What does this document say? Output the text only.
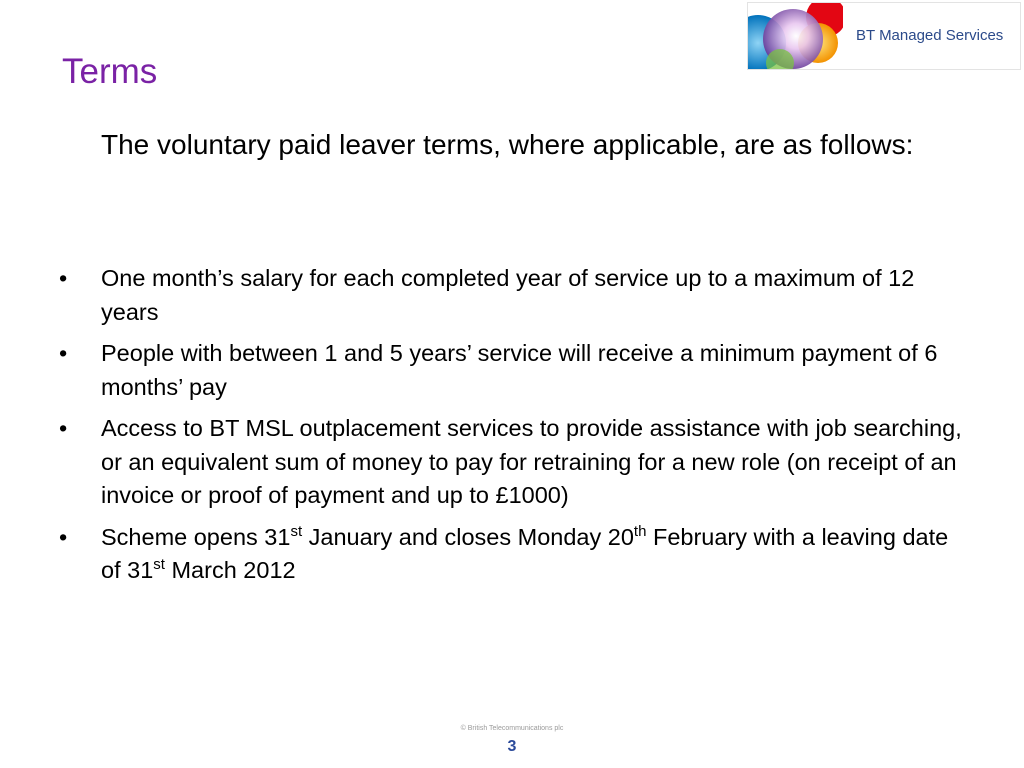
BT Managed Services
Terms
The voluntary paid leaver terms, where applicable, are as follows:
• One month’s salary for each completed year of service up to a maximum of 12 years
• People with between 1 and 5 years’ service will receive a minimum payment of 6 months’ pay
• Access to BT MSL outplacement services to provide assistance with job searching, or an equivalent sum of money to pay for retraining for a new role (on receipt of an invoice or proof of payment and up to £1000)
• Scheme opens 31st January and closes Monday 20th February with a leaving date of 31st March 2012
© British Telecommunications plc
3
